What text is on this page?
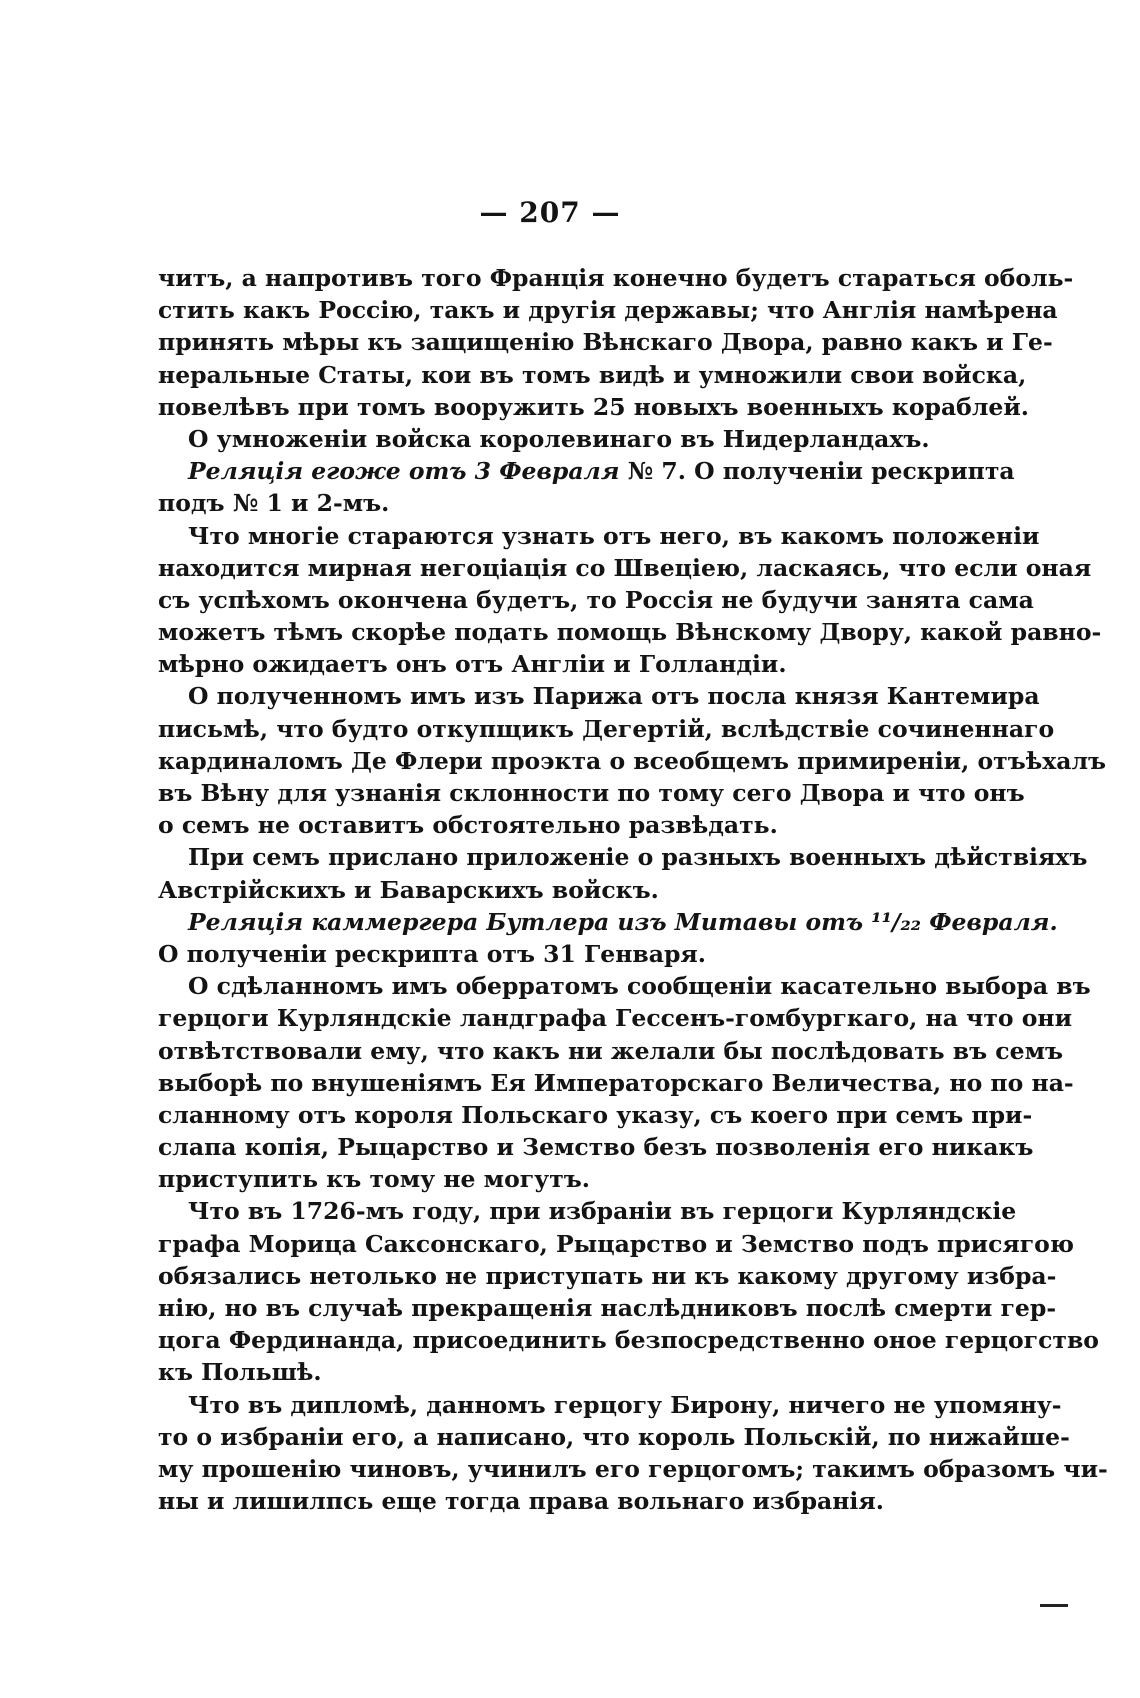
— 207 —
читъ, а напротивъ того Франція конечно будетъ стараться оболь-
стить какъ Россію, такъ и другія державы; что Англія намѣрена
принять мѣры къ защищенію Вѣнскаго Двора, равно какъ и Ге-
неральные Статы, кои въ томъ видѣ и умножили свои войска,
повелѣвъ при томъ вооружить 25 новыхъ военныхъ кораблей.
О умноженіи войска королевинаго въ Нидерландахъ.
Реляція егожe отъ 3 Февраля № 7. О полученіи рескрипта
подъ № 1 и 2-мъ.
Что многіе стараются узнать отъ него, въ какомъ положеніи
находится мирная негоціація со Швеціею, ласкаясь, что если оная
съ успѣхомъ окончена будетъ, то Россія не будучи занята сама
можетъ тѣмъ скорѣе подать помощь Вѣнскому Двору, какой равно-
мѣрно ожидаетъ онъ отъ Англіи и Голландіи.
О полученномъ имъ изъ Парижа отъ посла князя Кантемира
письмѣ, что будто откупщикъ Дегертій, вслѣдствіе сочиненнаго
кардиналомъ Де Флери проэкта о всеобщемъ примиреніи, отъѣхалъ
въ Вѣну для узнанія склонности по тому сего Двора и что онъ
о семъ не оставитъ обстоятельно развѣдать.
При семъ прислано приложеніе о разныхъ военныхъ дѣйствіяхъ
Австрійскихъ и Баварскихъ войскъ.
Реляція каммергера Бутлера изъ Митавы отъ ¹¹/₂₂ Февраля.
О полученіи рескрипта отъ 31 Генваря.
О сдѣланномъ имъ оберратомъ сообщеніи касательно выбора въ
герцоги Курляндскіе ландграфа Гессенъ-гомбургкаго, на что они
отвѣтствовали ему, что какъ ни желали бы послѣдовать въ семъ
выборѣ по внушеніямъ Ея Императорскаго Величества, но по на-
сланному отъ короля Польскаго указу, съ коего при семъ при-
слапа копія, Рыцарство и Земство безъ позволенія его никакъ
приступить къ тому не могутъ.
Что въ 1726-мъ году, при избраніи въ герцоги Курляндскіе
графа Морица Саксонскаго, Рыцарство и Земство подъ присягою
обязались нетолько не приступать ни къ какому другому избра-
нію, но въ случаѣ прекращенія наслѣдниковъ послѣ смерти гер-
цога Фердинанда, присоединить безпосредственно оное герцогство
къ Польшѣ.
Что въ дипломѣ, данномъ герцогу Бирону, ничего не упомяну-
то о избраніи его, а написано, что король Польскій, по нижайше-
му прошенію чиновъ, учинилъ его герцогомъ; такимъ образомъ чи-
ны и лишилпсь еще тогда права вольнаго избранія.
